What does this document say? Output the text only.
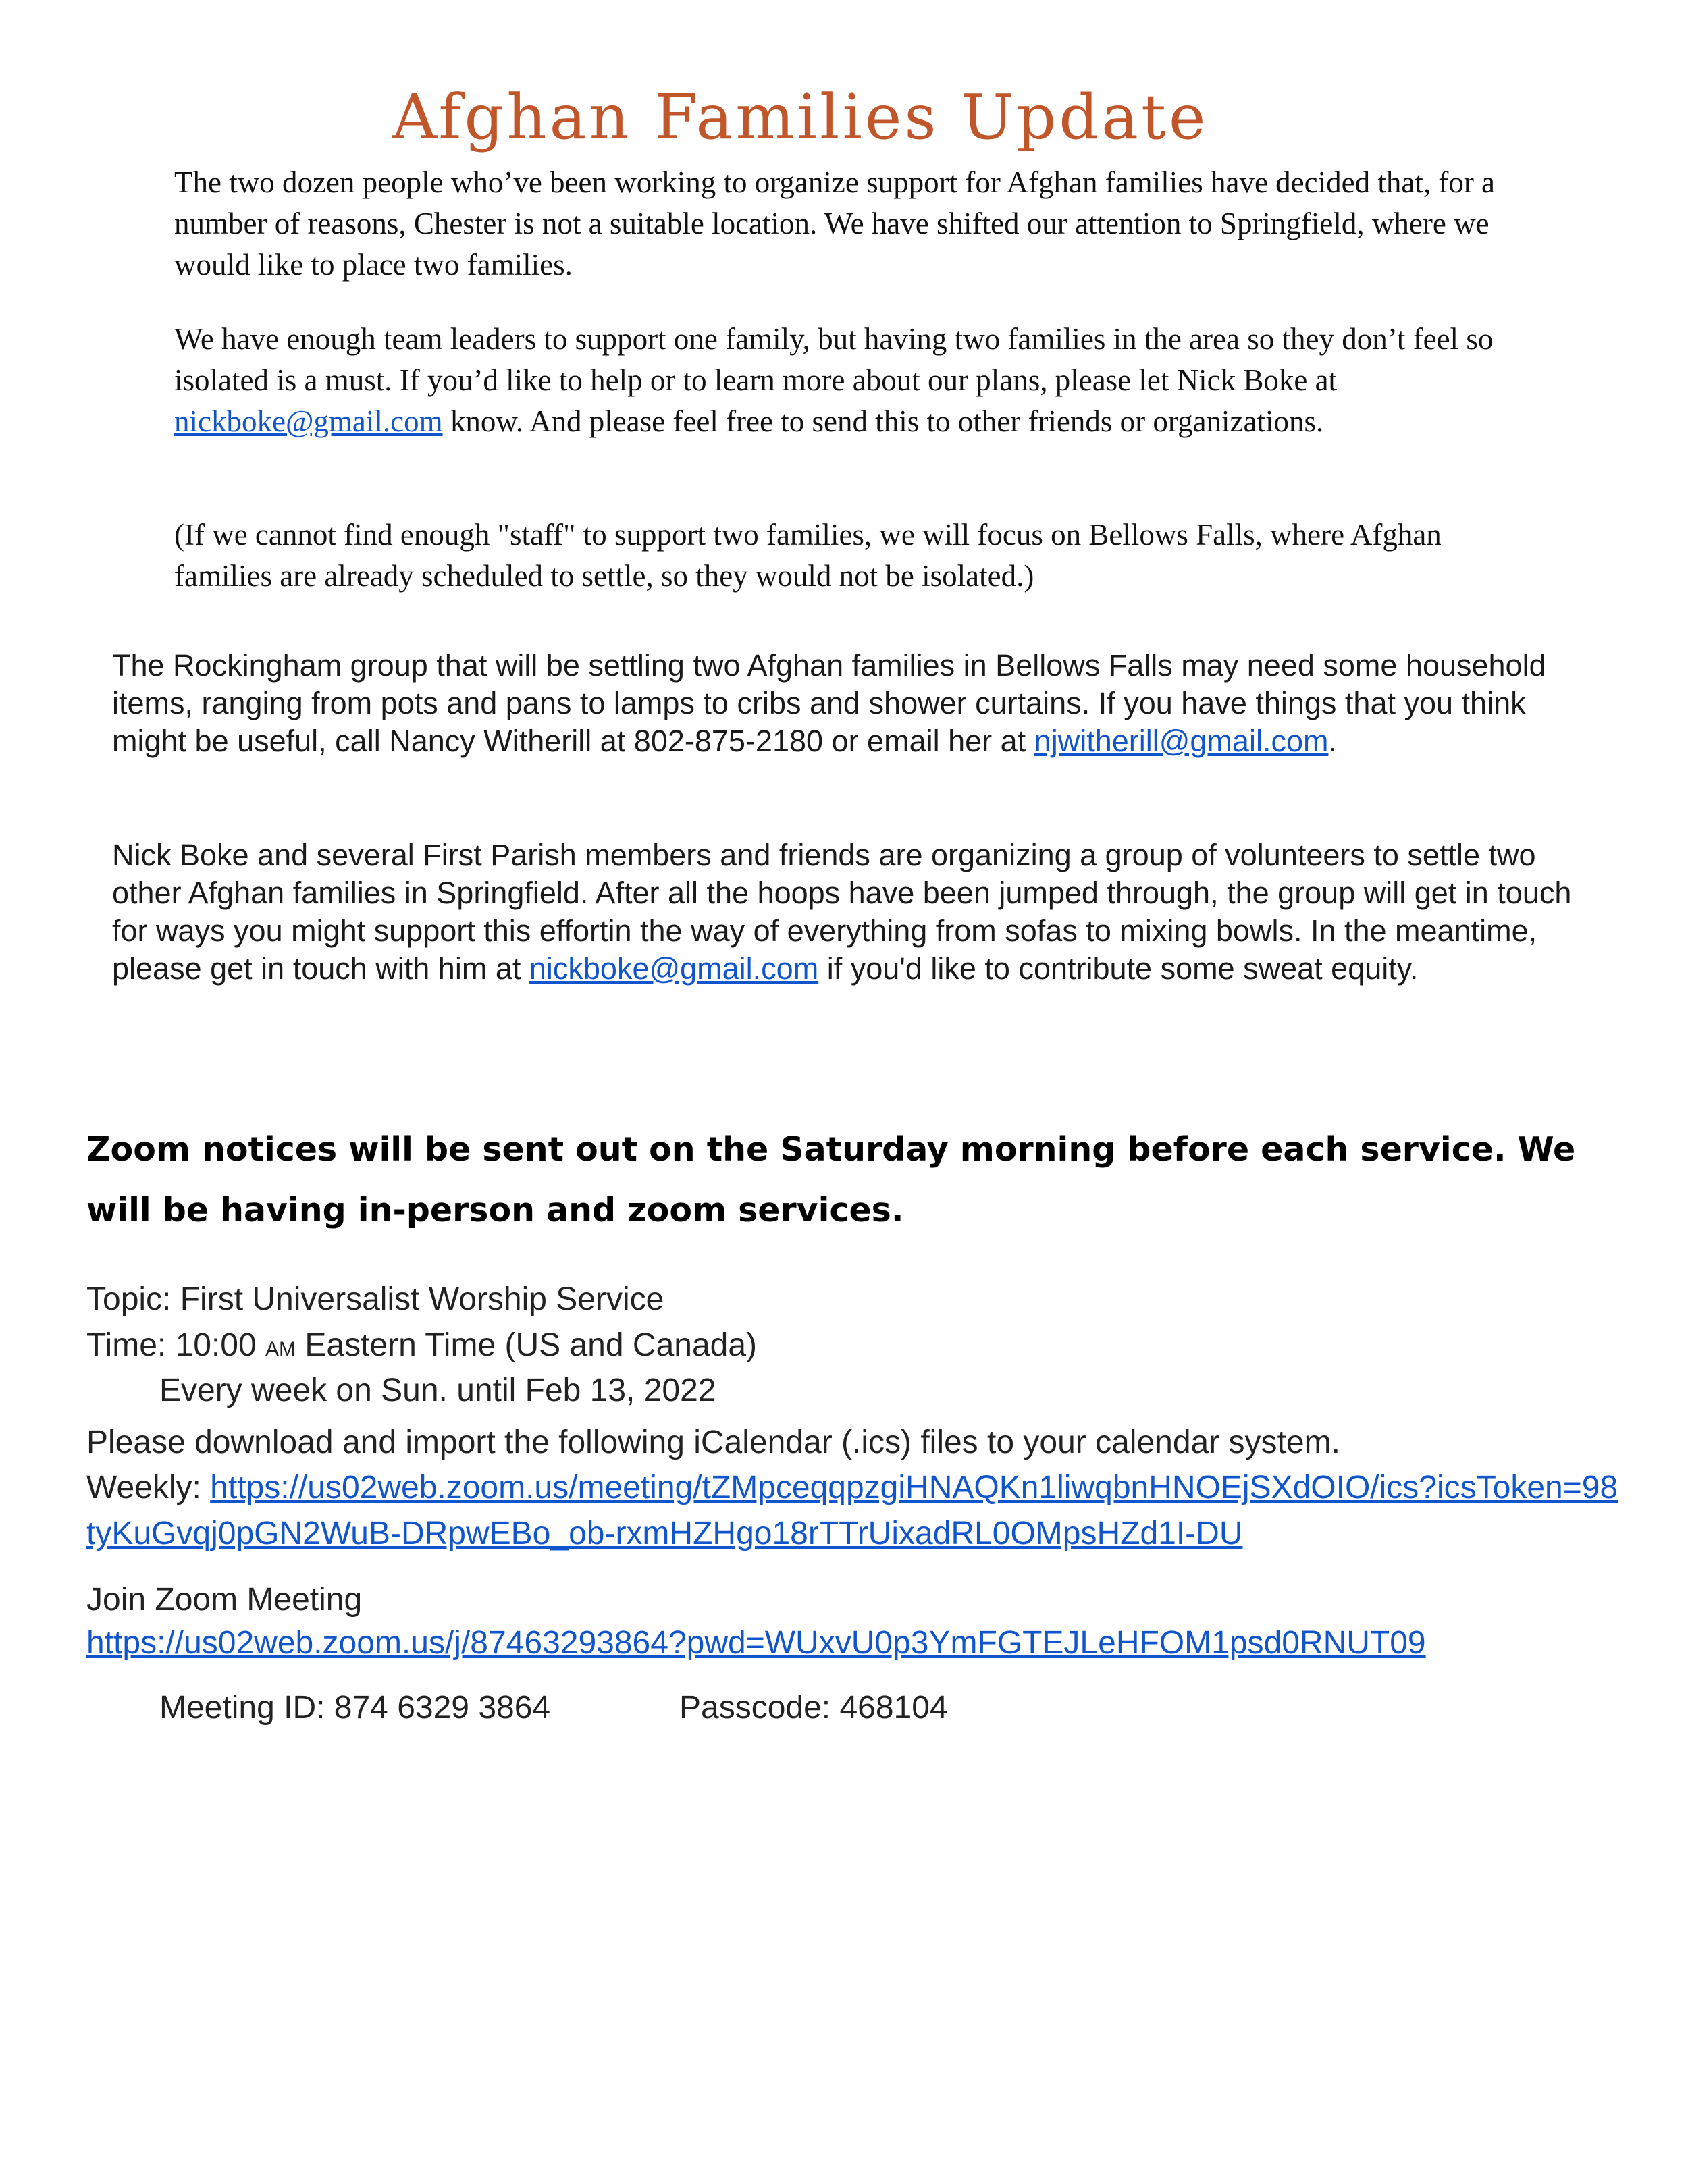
Afghan Families Update

The two dozen people who’ve been working to organize support for Afghan families have decided that, for a number of reasons, Chester is not a suitable location. We have shifted our attention to Springfield, where we would like to place two families.

We have enough team leaders to support one family, but having two families in the area so they don’t feel so isolated is a must. If you’d like to help or to learn more about our plans, please let Nick Boke at nickboke@gmail.com know. And please feel free to send this to other friends or organizations.

(If we cannot find enough "staff" to support two families, we will focus on Bellows Falls, where Afghan families are already scheduled to settle, so they would not be isolated.)

The Rockingham group that will be settling two Afghan families in Bellows Falls may need some household items, ranging from pots and pans to lamps to cribs and shower curtains. If you have things that you think might be useful, call Nancy Witherill at 802-875-2180 or email her at njwitherill@gmail.com.

Nick Boke and several First Parish members and friends are organizing a group of volunteers to settle two other Afghan families in Springfield. After all the hoops have been jumped through, the group will get in touch for ways you might support this effortin the way of everything from sofas to mixing bowls. In the meantime, please get in touch with him at nickboke@gmail.com if you'd like to contribute some sweat equity.

Zoom notices will be sent out on the Saturday morning before each service. We will be having in-person and zoom services.

Topic: First Universalist Worship Service

Time: 10:00 AM Eastern Time (US and Canada)

Every week on Sun. until Feb 13, 2022

Please download and import the following iCalendar (.ics) files to your calendar system.

Weekly: https://us02web.zoom.us/meeting/tZMpceqqpzgiHNAQKn1liwqbnHNOEjSXdOIO/ics?icsToken=98tyKuGvqj0pGN2WuB-DRpwEBo_ob-rxmHZHgo18rTTrUixadRL0OMpsHZd1I-DU

Join Zoom Meeting

https://us02web.zoom.us/j/87463293864?pwd=WUxvU0p3YmFGTEJLeHFOM1psd0RNUT09

Meeting ID: 874 6329 3864	Passcode: 468104
